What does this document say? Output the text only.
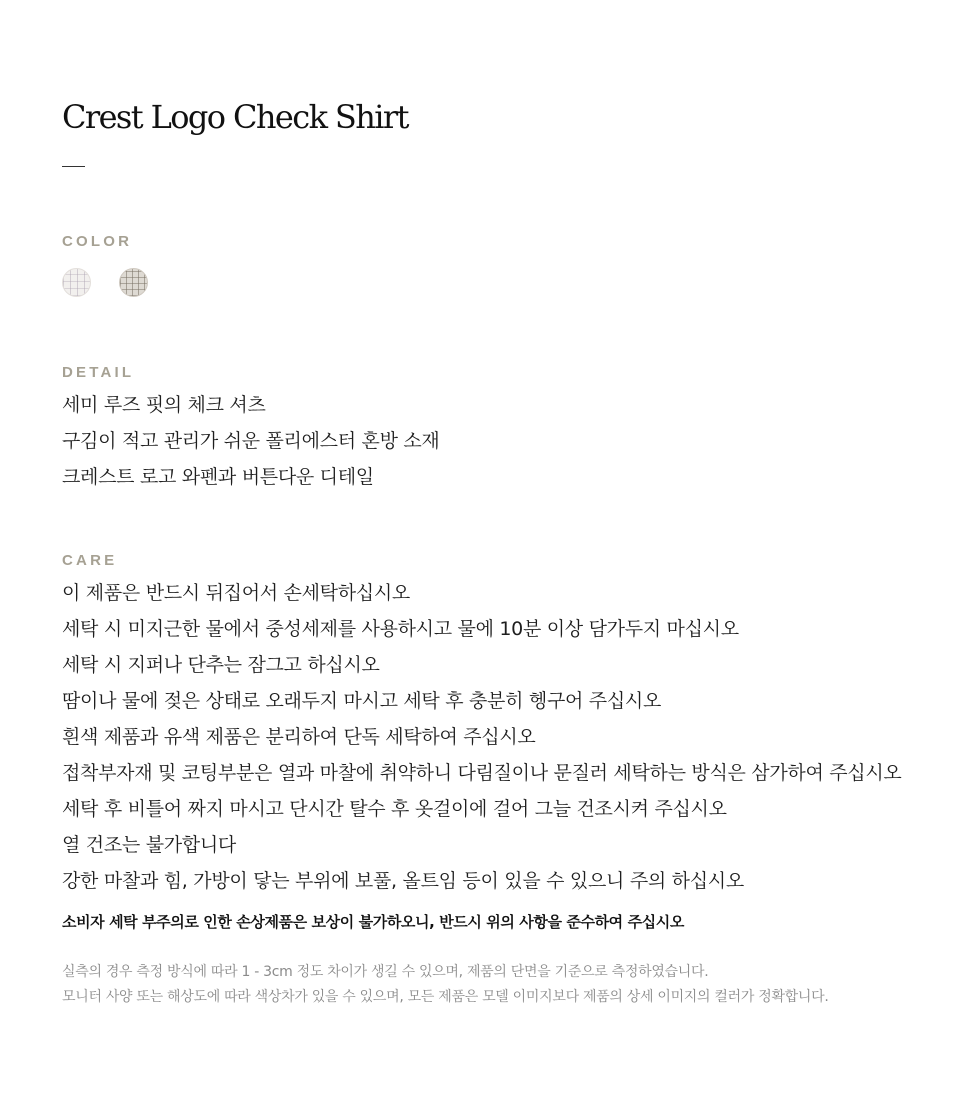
Crest Logo Check Shirt
COLOR
DETAIL
세미 루즈 핏의 체크 셔츠
구김이 적고 관리가 쉬운 폴리에스터 혼방 소재
크레스트 로고 와펜과 버튼다운 디테일
CARE
이 제품은 반드시 뒤집어서 손세탁하십시오
세탁 시 미지근한 물에서 중성세제를 사용하시고 물에 10분 이상 담가두지 마십시오
세탁 시 지퍼나 단추는 잠그고 하십시오
땀이나 물에 젖은 상태로 오래두지 마시고 세탁 후 충분히 헹구어 주십시오
흰색 제품과 유색 제품은 분리하여 단독 세탁하여 주십시오
접착부자재 및 코팅부분은 열과 마찰에 취약하니 다림질이나 문질러 세탁하는 방식은 삼가하여 주십시오
세탁 후 비틀어 짜지 마시고 단시간 탈수 후 옷걸이에 걸어 그늘 건조시켜 주십시오
열 건조는 불가합니다
강한 마찰과 힘, 가방이 닿는 부위에 보풀, 올트임 등이 있을 수 있으니 주의 하십시오

소비자 세탁 부주의로 인한 손상제품은 보상이 불가하오니, 반드시 위의 사항을 준수하여 주십시오

실측의 경우 측정 방식에 따라 1 - 3cm 정도 차이가 생길 수 있으며, 제품의 단면을 기준으로 측정하였습니다.
모니터 사양 또는 해상도에 따라 색상차가 있을 수 있으며, 모든 제품은 모델 이미지보다 제품의 상세 이미지의 컬러가 정확합니다.
